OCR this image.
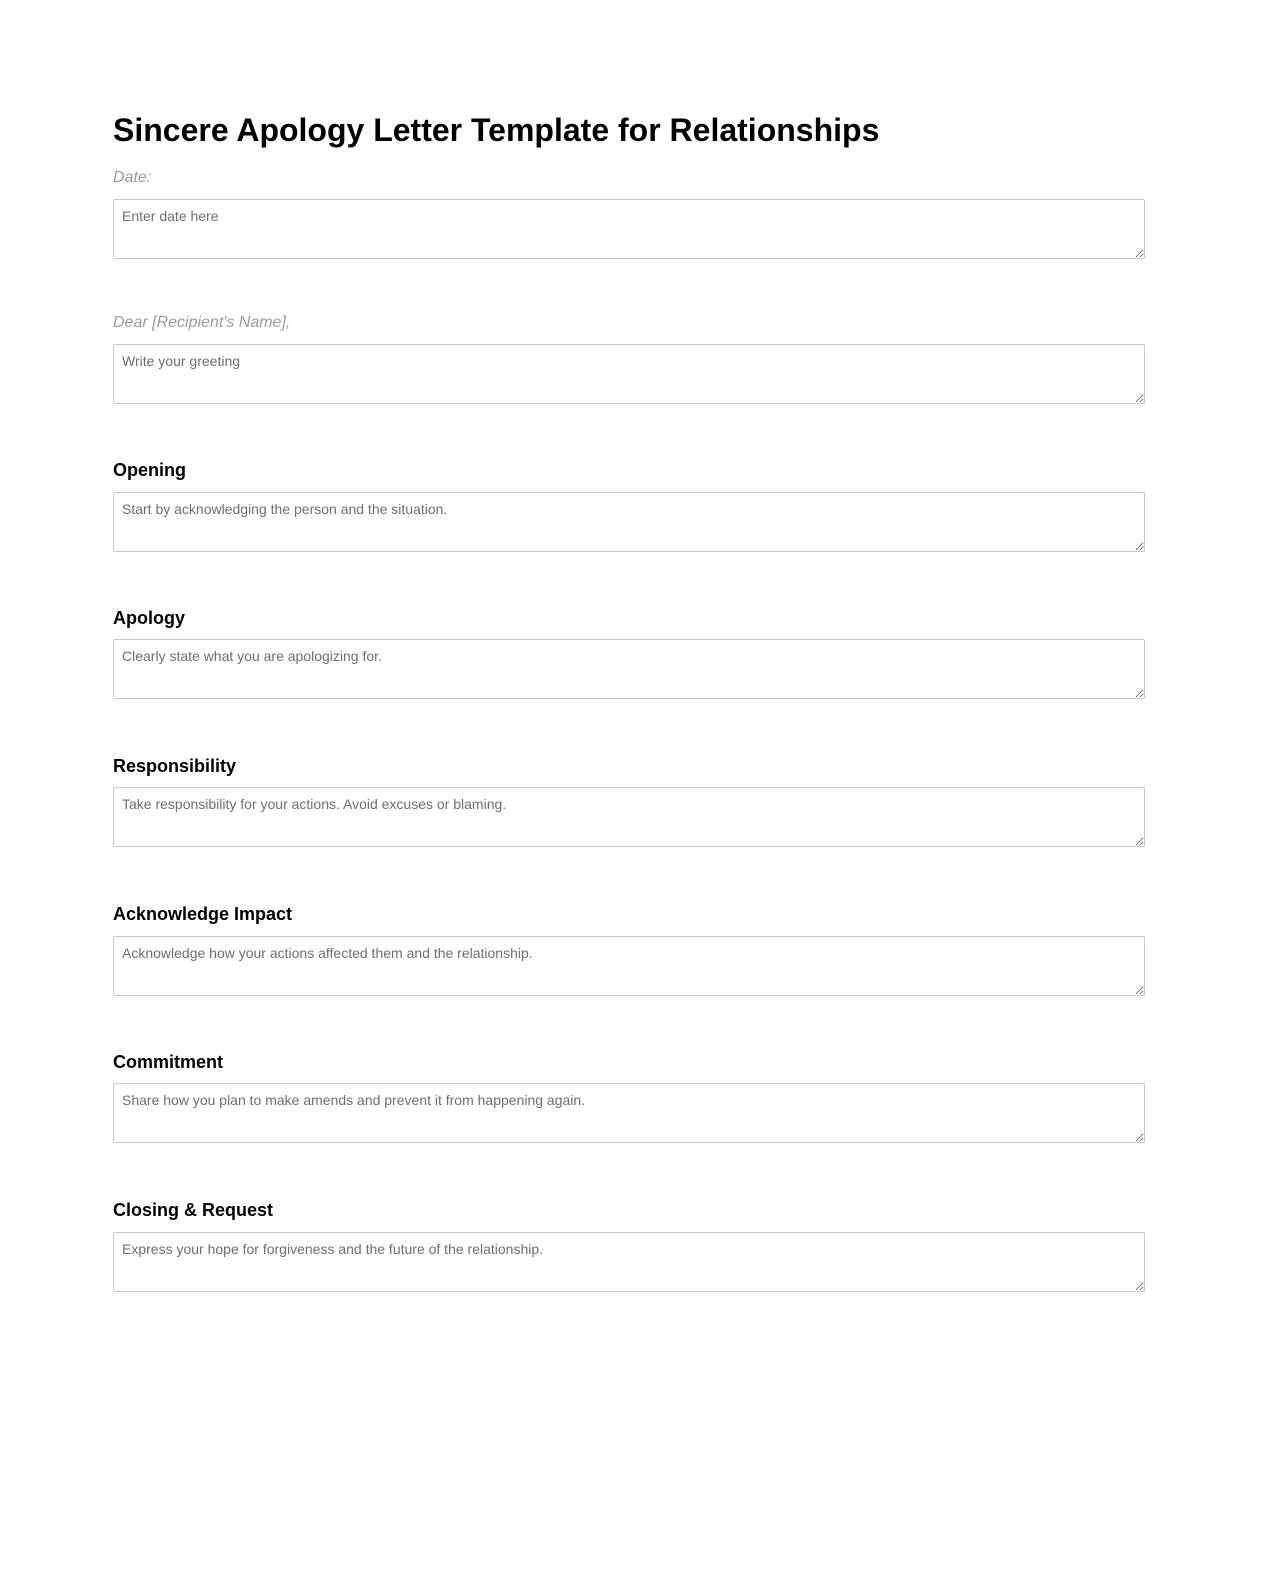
Sincere Apology Letter Template for Relationships
Date:
Enter date here
Dear [Recipient's Name],
Write your greeting
Opening
Start by acknowledging the person and the situation.
Apology
Clearly state what you are apologizing for.
Responsibility
Take responsibility for your actions. Avoid excuses or blaming.
Acknowledge Impact
Acknowledge how your actions affected them and the relationship.
Commitment
Share how you plan to make amends and prevent it from happening again.
Closing & Request
Express your hope for forgiveness and the future of the relationship.
